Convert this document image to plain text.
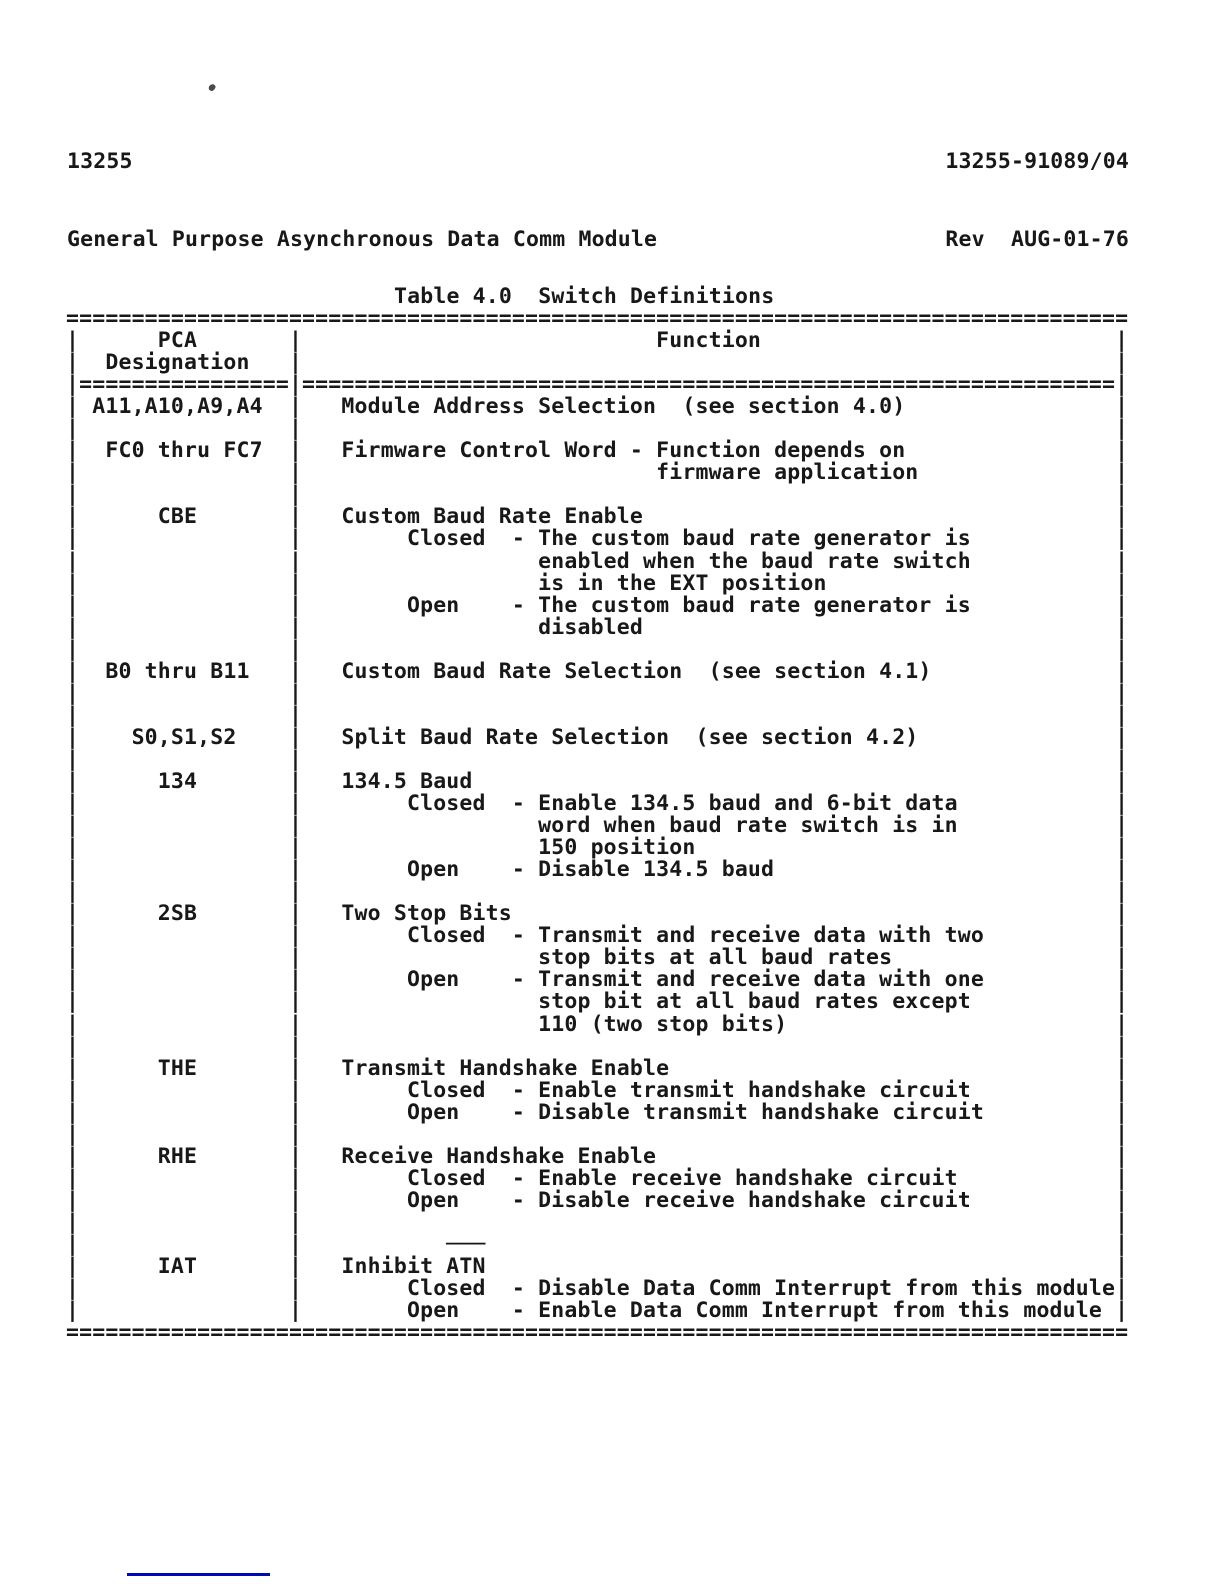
13255	13255-91089/04

General Purpose Asynchronous Data Comm Module	Rev  AUG-01-76

Table 4.0  Switch Definitions
=================================================================================
|      PCA       |                           Function                           |
|  Designation   |                                                              |
|================|==============================================================|
| A11,A10,A9,A4  |   Module Address Selection  (see section 4.0)                |
|                |                                                              |
|  FC0 thru FC7  |   Firmware Control Word - Function depends on                |
|                |                           firmware application               |
|                |                                                              |
|      CBE       |   Custom Baud Rate Enable                                    |
|                |        Closed  - The custom baud rate generator is           |
|                |                  enabled when the baud rate switch           |
|                |                  is in the EXT position                      |
|                |        Open    - The custom baud rate generator is           |
|                |                  disabled                                    |
|                |                                                              |
|  B0 thru B11   |   Custom Baud Rate Selection  (see section 4.1)              |
|                |                                                              |
|                |                                                              |
|    S0,S1,S2    |   Split Baud Rate Selection  (see section 4.2)               |
|                |                                                              |
|      134       |   134.5 Baud                                                 |
|                |        Closed  - Enable 134.5 baud and 6-bit data            |
|                |                  word when baud rate switch is in            |
|                |                  150 position                                |
|                |        Open    - Disable 134.5 baud                          |
|                |                                                              |
|      2SB       |   Two Stop Bits                                              |
|                |        Closed  - Transmit and receive data with two          |
|                |                  stop bits at all baud rates                 |
|                |        Open    - Transmit and receive data with one          |
|                |                  stop bit at all baud rates except           |
|                |                  110 (two stop bits)                         |
|                |                                                              |
|      THE       |   Transmit Handshake Enable                                  |
|                |        Closed  - Enable transmit handshake circuit           |
|                |        Open    - Disable transmit handshake circuit          |
|                |                                                              |
|      RHE       |   Receive Handshake Enable                                   |
|                |        Closed  - Enable receive handshake circuit            |
|                |        Open    - Disable receive handshake circuit           |
|                |                                                              |
|                |           ───                                                |
|      IAT       |   Inhibit ATN                                                |
|                |        Closed  - Disable Data Comm Interrupt from this module|
|                |        Open    - Enable Data Comm Interrupt from this module |
=================================================================================
